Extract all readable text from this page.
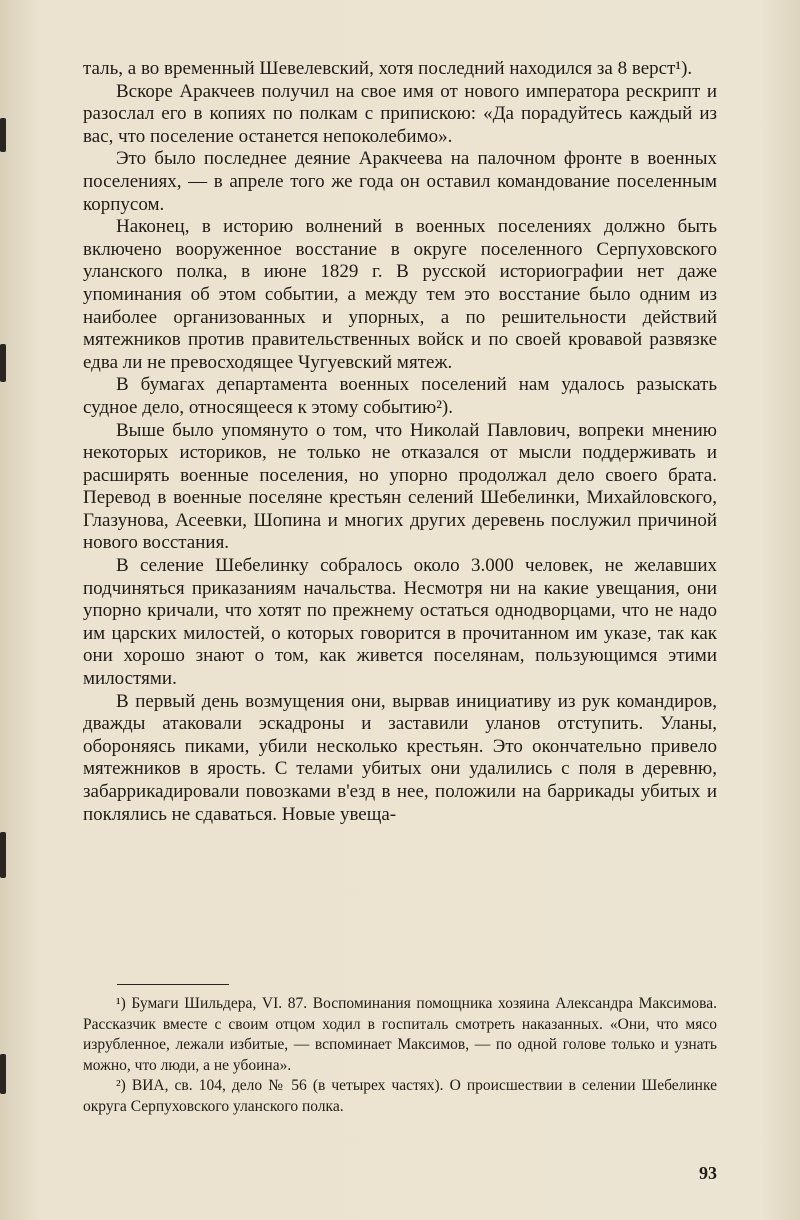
таль, а во временный Шевелевский, хотя последний находился за 8 верст¹).

Вскоре Аракчеев получил на свое имя от нового императора рескрипт и разослал его в копиях по полкам с припискою: «Да порадуйтесь каждый из вас, что поселение останется непоколебимо».

Это было последнее деяние Аракчеева на палочном фронте в военных поселениях, — в апреле того же года он оставил командование поселенным корпусом.

Наконец, в историю волнений в военных поселениях должно быть включено вооруженное восстание в округе поселенного Серпуховского уланского полка, в июне 1829 г. В русской историографии нет даже упоминания об этом событии, а между тем это восстание было одним из наиболее организованных и упорных, а по решительности действий мятежников против правительственных войск и по своей кровавой развязке едва ли не превосходящее Чугуевский мятеж.

В бумагах департамента военных поселений нам удалось разыскать судное дело, относящееся к этому событию²).

Выше было упомянуто о том, что Николай Павлович, вопреки мнению некоторых историков, не только не отказался от мысли поддерживать и расширять военные поселения, но упорно продолжал дело своего брата. Перевод в военные поселяне крестьян селений Шебелинки, Михайловского, Глазунова, Асеевки, Шопина и многих других деревень послужил причиной нового восстания.

В селение Шебелинку собралось около 3.000 человек, не желавших подчиняться приказаниям начальства. Несмотря ни на какие увещания, они упорно кричали, что хотят по прежнему остаться однодворцами, что не надо им царских милостей, о которых говорится в прочитанном им указе, так как они хорошо знают о том, как живется поселянам, пользующимся этими милостями.

В первый день возмущения они, вырвав инициативу из рук командиров, дважды атаковали эскадроны и заставили уланов отступить. Уланы, обороняясь пиками, убили несколько крестьян. Это окончательно привело мятежников в ярость. С телами убитых они удалились с поля в деревню, забаррикадировали повозками в'езд в нее, положили на баррикады убитых и поклялись не сдаваться. Новые увеща-

¹) Бумаги Шильдера, VI. 87. Воспоминания помощника хозяина Александра Максимова. Рассказчик вместе с своим отцом ходил в госпиталь смотреть наказанных. «Они, что мясо изрубленное, лежали избитые, — вспоминает Максимов, — по одной голове только и узнать можно, что люди, а не убоина».

²) ВИА, св. 104, дело № 56 (в четырех частях). О происшествии в селении Шебелинке округа Серпуховского уланского полка.

93
